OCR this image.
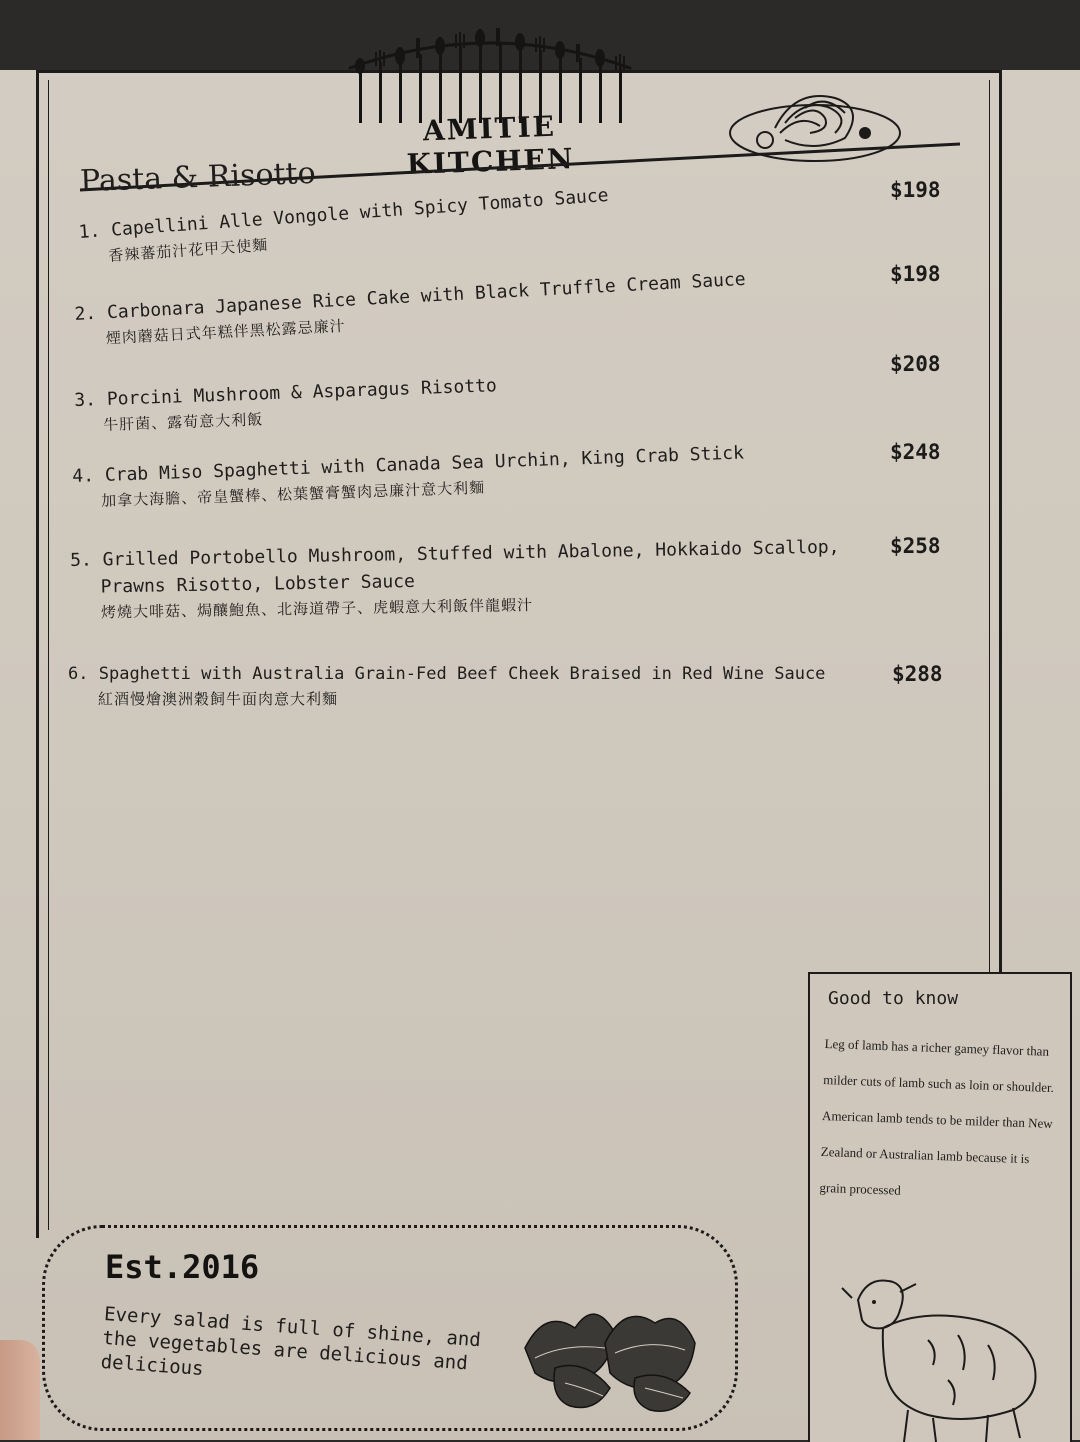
AMITIE KITCHEN
Pasta & Risotto
1. Capellini Alle Vongole with Spicy Tomato Sauce
香辣蕃茄汁花甲天使麵
$198
2. Carbonara Japanese Rice Cake with Black Truffle Cream Sauce
煙肉蘑菇日式年糕伴黑松露忌廉汁
$198
3. Porcini Mushroom & Asparagus Risotto
牛肝菌、露荀意大利飯
$208
4. Crab Miso Spaghetti with Canada Sea Urchin, King Crab Stick
加拿大海膽、帝皇蟹棒、松葉蟹膏蟹肉忌廉汁意大利麵
$248
5. Grilled Portobello Mushroom, Stuffed with Abalone, Hokkaido Scallop,
Prawns Risotto, Lobster Sauce
烤燒大啡菇、焗釀鮑魚、北海道帶子、虎蝦意大利飯伴龍蝦汁
$258
6. Spaghetti with Australia Grain-Fed Beef Cheek Braised in Red Wine Sauce
紅酒慢燴澳洲穀飼牛面肉意大利麵
$288
Good to know
Leg of lamb has a richer gamey flavor than milder cuts of lamb such as loin or shoulder. American lamb tends to be milder than New Zealand or Australian lamb because it is grain processed
Est.2016
Every salad is full of shine, and the vegetables are delicious and delicious
